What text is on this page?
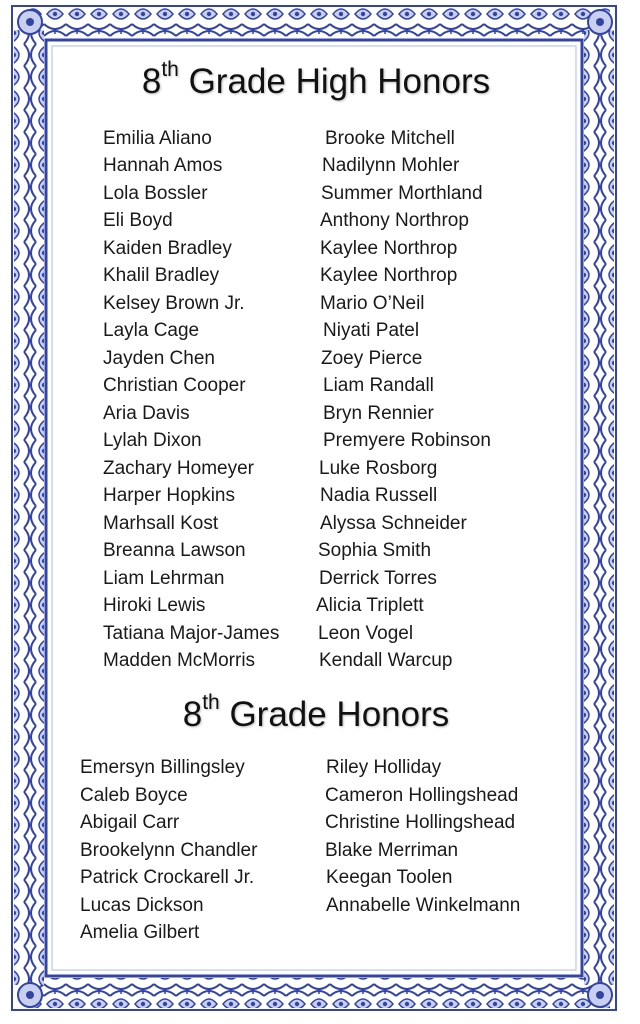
8th Grade High Honors
Emilia Aliano
Hannah Amos
Lola Bossler
Eli Boyd
Kaiden Bradley
Khalil Bradley
Kelsey Brown Jr.
Layla Cage
Jayden Chen
Christian Cooper
Aria Davis
Lylah Dixon
Zachary Homeyer
Harper Hopkins
Marhsall Kost
Breanna Lawson
Liam Lehrman
Hiroki Lewis
Tatiana Major-James
Madden McMorris
Brooke Mitchell
Nadilynn Mohler
Summer Morthland
Anthony Northrop
Kaylee Northrop
Kaylee Northrop
Mario O’Neil
Niyati Patel
Zoey Pierce
Liam Randall
Bryn Rennier
Premyere Robinson
Luke Rosborg
Nadia Russell
Alyssa Schneider
Sophia Smith
Derrick Torres
Alicia Triplett
Leon Vogel
Kendall Warcup
8th Grade Honors
Emersyn Billingsley
Caleb Boyce
Abigail Carr
Brookelynn Chandler
Patrick Crockarell Jr.
Lucas Dickson
Amelia Gilbert
Riley Holliday
Cameron Hollingshead
Christine Hollingshead
Blake Merriman
Keegan Toolen
Annabelle Winkelmann
